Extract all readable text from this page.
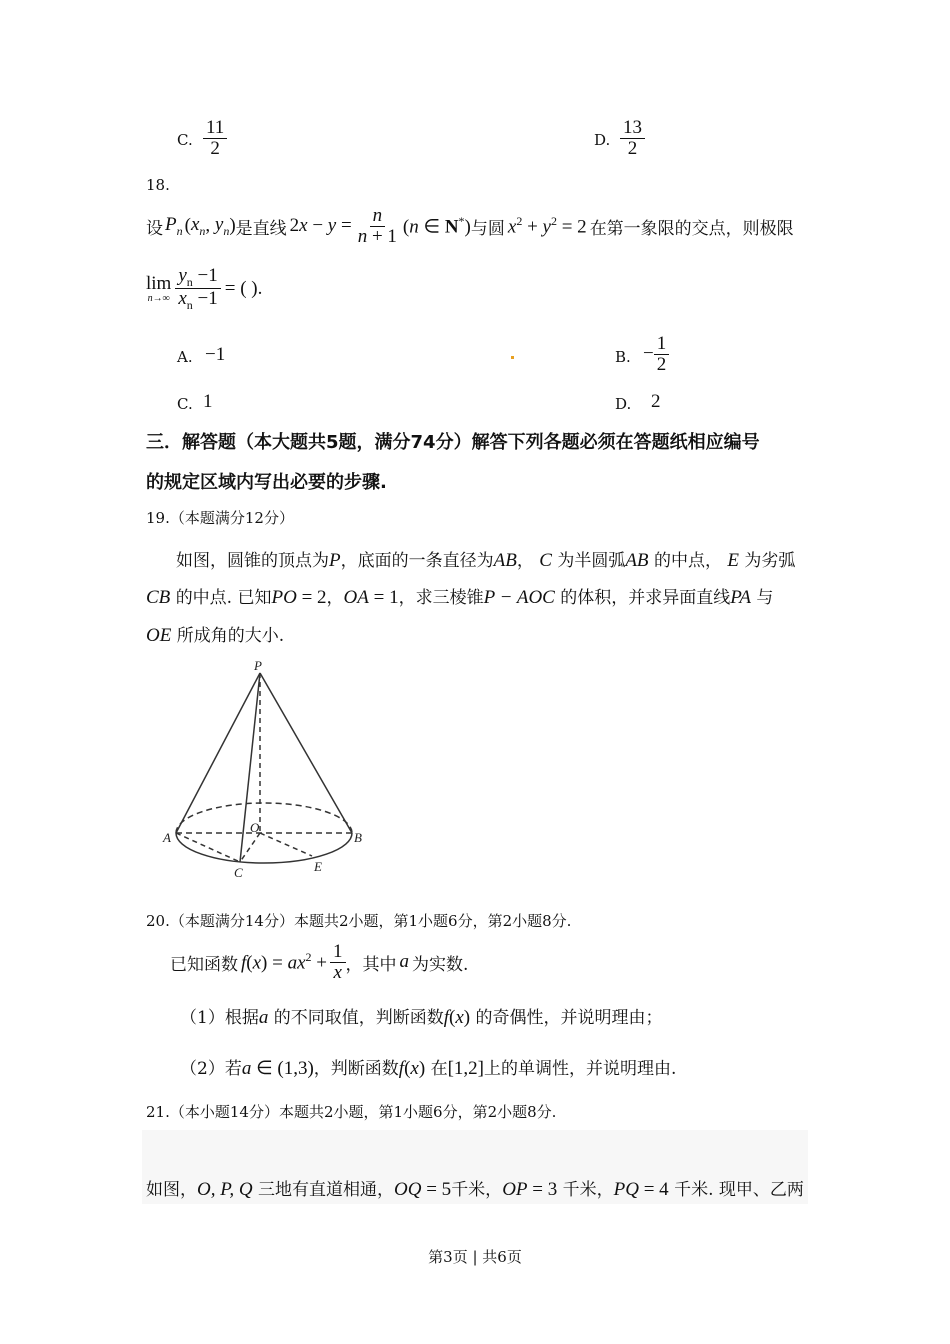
C. $\frac{11}{2}$	D. $\frac{13}{2}$
18.
设 $P_n$ ( $x_n$ , $y_n$ ) 是直线 $2x - y = \frac{n}{n + 1} (n$ ∈ N*) 与圆 $x^2 + y^2 = 2$ 在第一象限的交点，则极限
lim
$n\to\infty \frac{y_n -1}{x_n -1}$ = ( ).
A. −1	B. − $\frac{1}{2}$
C. 1	D. 2
三．解答题（本大题共5题，满分74分）解答下列各题必须在答题纸相应编号
的规定区域内写出必要的步骤.
19.（本题满分12分）
如图，圆锥的顶点为P，底面的一条直径为AB， C 为半圆弧AB 的中点， E 为劣弧
CB 的中点. 已知PO = 2，OA = 1，求三棱锥P − AOC 的体积，并求异面直线PA 与
OE 所成角的大小.
P
A	B
O
C	E
20.（本题满分14分）本题共2小题，第1小题6分，第2小题8分.
已知函数 $f(x) = ax^2 + \frac{1}{x}$ ，其中 a 为实数.
（1）根据a 的不同取值，判断函数f(x) 的奇偶性，并说明理由；
（2）若a ∈ (1,3)，判断函数f(x) 在[1,2]上的单调性，并说明理由.
21.（本小题14分）本题共2小题，第1小题6分，第2小题8分.
如图，O, P, Q 三地有直道相通，OQ = 5千米，OP = 3 千米，PQ = 4 千米. 现甲、乙两
第3页 | 共6页
